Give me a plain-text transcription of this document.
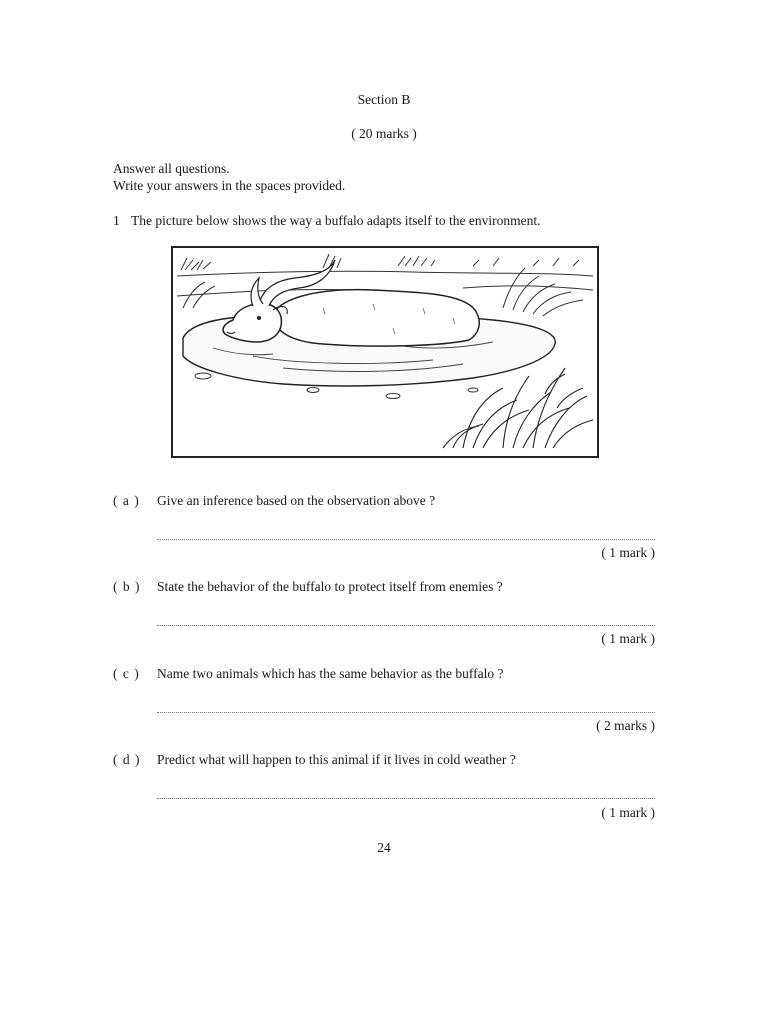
Section B
( 20 marks )
Answer all questions.
Write your answers in the spaces provided.
1 The picture below shows the way a buffalo adapts itself to the environment.
( a ) Give an inference based on the observation above ?
( 1 mark )
( b ) State the behavior of the buffalo to protect itself from enemies ?
( 1 mark )
( c ) Name two animals which has the same behavior as the buffalo ?
( 2 marks )
( d ) Predict what will happen to this animal if it lives in cold weather ?
( 1 mark )
24
